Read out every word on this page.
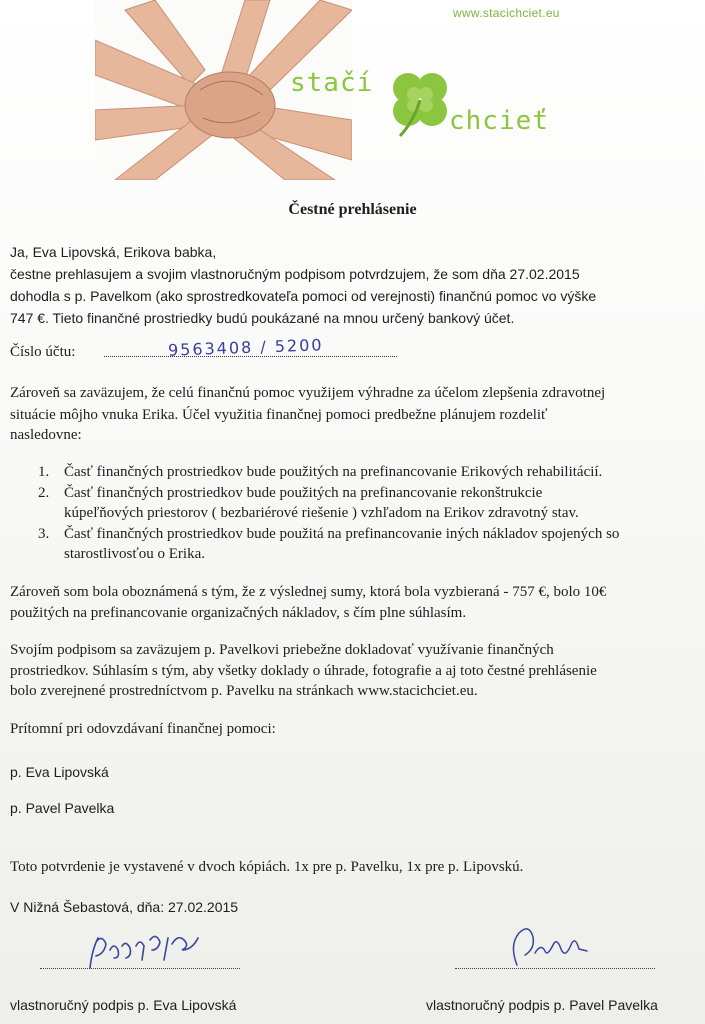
www.stacichciet.eu
stačí
chcieť
Čestné prehlásenie
Ja, Eva Lipovská, Erikova babka,
čestne prehlasujem a svojim vlastnoručným podpisom potvrdzujem, že som dňa 27.02.2015
dohodla s p. Pavelkom (ako sprostredkovateľa pomoci od verejnosti) finančnú pomoc vo výške
747 €. Tieto finančné prostriedky budú poukázané na mnou určený bankový účet.
Číslo účtu:	9563408 / 5200
Zároveň sa zaväzujem, že celú finančnú pomoc využijem výhradne za účelom zlepšenia zdravotnej
situácie môjho vnuka Erika. Účel využitia finančnej pomoci predbežne plánujem rozdeliť
nasledovne:
1. Časť finančných prostriedkov bude použitých na prefinancovanie Erikových rehabilitácií.
2. Časť finančných prostriedkov bude použitých na prefinancovanie rekonštrukcie
kúpeľňových priestorov ( bezbariérové riešenie ) vzhľadom na Erikov zdravotný stav.
3. Časť finančných prostriedkov bude použitá na prefinancovanie iných nákladov spojených so
starostlivosťou o Erika.
Zároveň som bola oboznámená s tým, že z výslednej sumy, ktorá bola vyzbieraná - 757 €, bolo 10€
použitých na prefinancovanie organizačných nákladov, s čím plne súhlasím.
Svojím podpisom sa zaväzujem p. Pavelkovi priebežne dokladovať využívanie finančných
prostriedkov. Súhlasím s tým, aby všetky doklady o úhrade, fotografie a aj toto čestné prehlásenie
bolo zverejnené prostredníctvom p. Pavelku na stránkach www.stacichciet.eu.
Prítomní pri odovzdávaní finančnej pomoci:
p. Eva Lipovská
p. Pavel Pavelka
Toto potvrdenie je vystavené v dvoch kópiách. 1x pre p. Pavelku, 1x pre p. Lipovskú.
V Nižná Šebastová, dňa: 27.02.2015
vlastnoručný podpis p. Eva Lipovská	vlastnoručný podpis p. Pavel Pavelka
